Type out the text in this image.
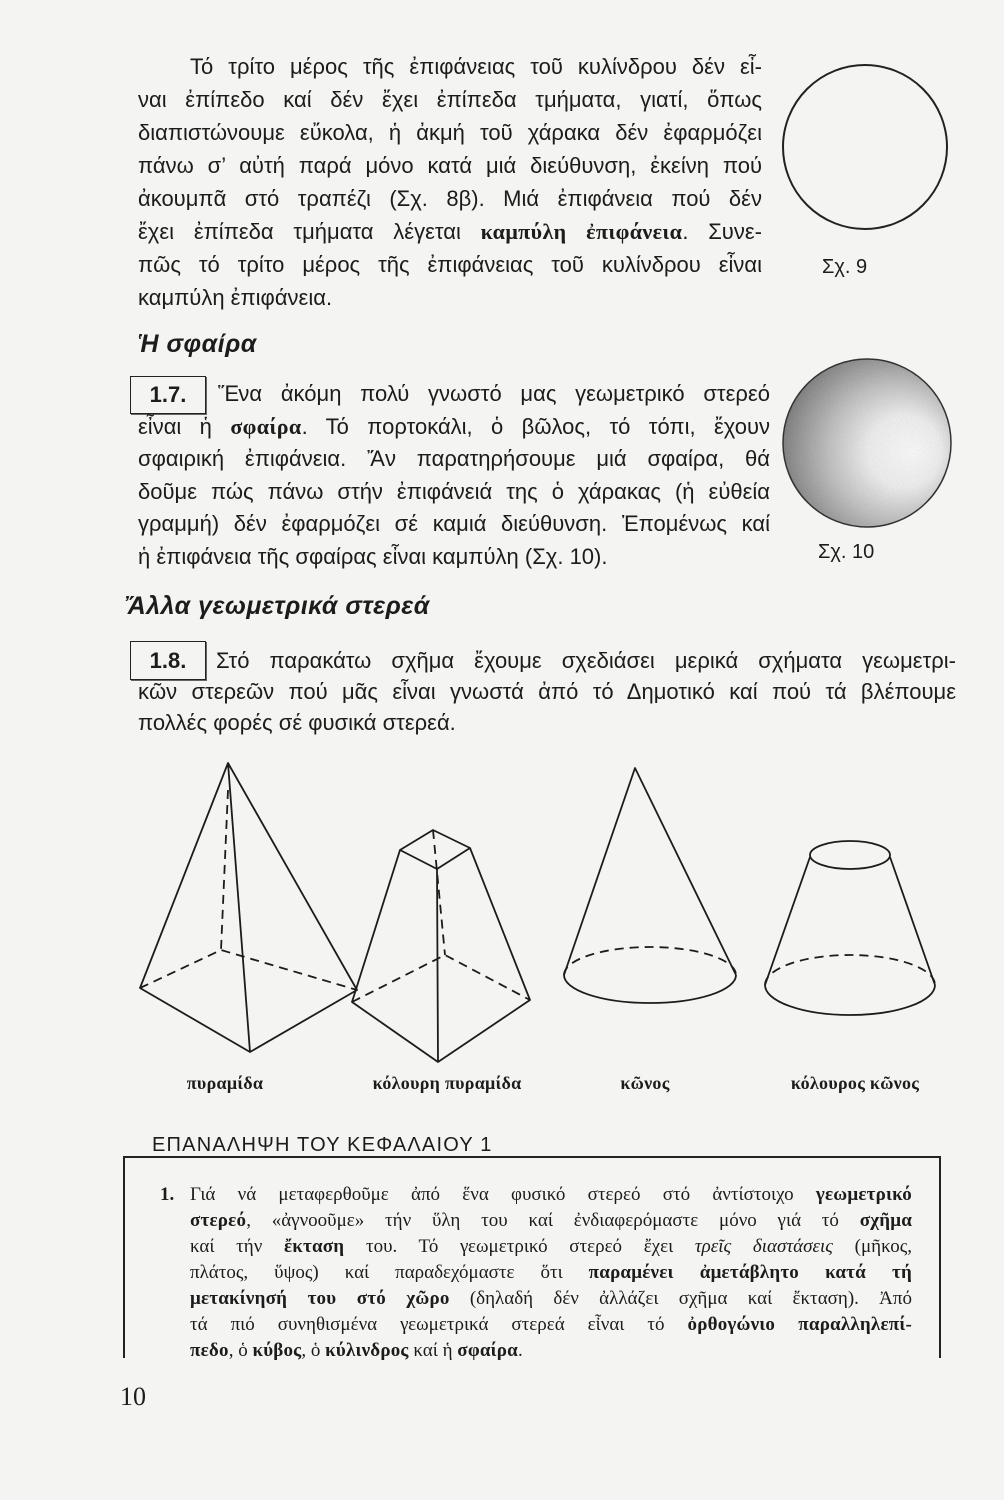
Τό τρίτο μέρος τῆς ἐπιφάνειας τοῦ κυλίνδρου δέν εἶ-
ναι ἐπίπεδο καί δέν ἔχει ἐπίπεδα τμήματα, γιατί, ὅπως
διαπιστώνουμε εὔκολα, ἡ ἀκμή τοῦ χάρακα δέν ἐφαρμόζει
πάνω σ’ αὐτή παρά μόνο κατά μιά διεύθυνση, ἐκείνη πού
ἀκουμπᾶ στό τραπέζι (Σχ. 8β). Μιά ἐπιφάνεια πού δέν
ἔχει ἐπίπεδα τμήματα λέγεται καμπύλη ἐπιφάνεια. Συνε-
πῶς τό τρίτο μέρος τῆς ἐπιφάνειας τοῦ κυλίνδρου εἶναι
καμπύλη ἐπιφάνεια.
Σχ. 9
Ἡ σφαίρα
1.7.	Ἕνα ἀκόμη πολύ γνωστό μας γεωμετρικό στερεό
εἶναι ἡ σφαίρα. Τό πορτοκάλι, ὁ βῶλος, τό τόπι, ἔχουν
σφαιρική ἐπιφάνεια. Ἄν παρατηρήσουμε μιά σφαίρα, θά
δοῦμε πώς πάνω στήν ἐπιφάνειά της ὁ χάρακας (ἡ εὐθεία
γραμμή) δέν ἐφαρμόζει σέ καμιά διεύθυνση. Ἐπομένως καί
ἡ ἐπιφάνεια τῆς σφαίρας εἶναι καμπύλη (Σχ. 10).	Σχ. 10
Ἄλλα γεωμετρικά στερεά
1.8.	Στό παρακάτω σχῆμα ἔχουμε σχεδιάσει μερικά σχήματα γεωμετρι-
κῶν στερεῶν πού μᾶς εἶναι γνωστά ἀπό τό Δημοτικό καί πού τά βλέπουμε
πολλές φορές σέ φυσικά στερεά.
πυραμίδα	κόλουρη πυραμίδα	κῶνος	κόλουρος κῶνος
ΕΠΑΝΑΛΗΨΗ ΤΟΥ ΚΕΦΑΛΑΙΟΥ 1
1. Γιά νά μεταφερθοῦμε ἀπό ἕνα φυσικό στερεό στό ἀντίστοιχο γεωμετρικό
στερεό, «ἀγνοοῦμε» τήν ὕλη του καί ἐνδιαφερόμαστε μόνο γιά τό σχῆμα
καί τήν ἔκταση του. Τό γεωμετρικό στερεό ἔχει τρεῖς διαστάσεις (μῆκος,
πλάτος, ὕψος) καί παραδεχόμαστε ὅτι παραμένει ἀμετάβλητο κατά τή
μετακίνησή του στό χῶρο (δηλαδή δέν ἀλλάζει σχῆμα καί ἔκταση). Ἀπό
τά πιό συνηθισμένα γεωμετρικά στερεά εἶναι τό ὀρθογώνιο παραλληλεπί-
πεδο, ὁ κύβος, ὁ κύλινδρος καί ἡ σφαίρα.
10
